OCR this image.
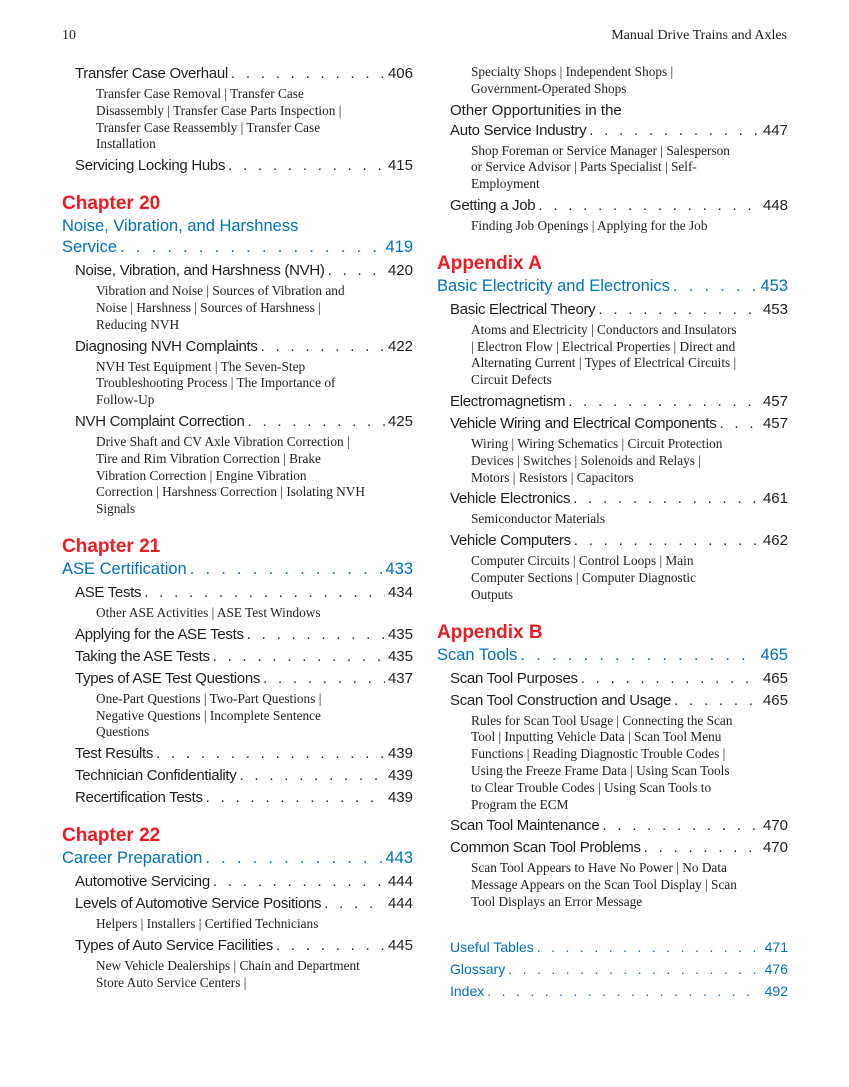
10	Manual Drive Trains and Axles
Transfer Case Overhaul . . .	406
Transfer Case Removal | Transfer Case Disassembly | Transfer Case Parts Inspection | Transfer Case Reassembly | Transfer Case Installation
Servicing Locking Hubs . . .	415
Chapter 20
Noise, Vibration, and Harshness
Service . . .	419
Noise, Vibration, and Harshness (NVH) . . .	420
Vibration and Noise | Sources of Vibration and Noise | Harshness | Sources of Harshness | Reducing NVH
Diagnosing NVH Complaints . . .	422
NVH Test Equipment | The Seven-Step Troubleshooting Process | The Importance of Follow-Up
NVH Complaint Correction . . .	425
Drive Shaft and CV Axle Vibration Correction | Tire and Rim Vibration Correction | Brake Vibration Correction | Engine Vibration Correction | Harshness Correction | Isolating NVH Signals
Chapter 21
ASE Certification . . .	433
ASE Tests . . .	434
Other ASE Activities | ASE Test Windows
Applying for the ASE Tests . . .	435
Taking the ASE Tests . . .	435
Types of ASE Test Questions . . .	437
One-Part Questions | Two-Part Questions | Negative Questions | Incomplete Sentence Questions
Test Results . . .	439
Technician Confidentiality . . .	439
Recertification Tests . . .	439
Chapter 22
Career Preparation . . .	443
Automotive Servicing . . .	444
Levels of Automotive Service Positions . . .	444
Helpers | Installers | Certified Technicians
Types of Auto Service Facilities . . .	445
New Vehicle Dealerships | Chain and Department Store Auto Service Centers |
Specialty Shops | Independent Shops | Government-Operated Shops
Other Opportunities in the
Auto Service Industry . . .	447
Shop Foreman or Service Manager | Salesperson or Service Advisor | Parts Specialist | Self-Employment
Getting a Job . . .	448
Finding Job Openings | Applying for the Job
Appendix A
Basic Electricity and Electronics . . .	453
Basic Electrical Theory . . .	453
Atoms and Electricity | Conductors and Insulators | Electron Flow | Electrical Properties | Direct and Alternating Current | Types of Electrical Circuits | Circuit Defects
Electromagnetism . . .	457
Vehicle Wiring and Electrical Components . . .	457
Wiring | Wiring Schematics | Circuit Protection Devices | Switches | Solenoids and Relays | Motors | Resistors | Capacitors
Vehicle Electronics . . .	461
Semiconductor Materials
Vehicle Computers . . .	462
Computer Circuits | Control Loops | Main Computer Sections | Computer Diagnostic Outputs
Appendix B
Scan Tools . . .	465
Scan Tool Purposes . . .	465
Scan Tool Construction and Usage . . .	465
Rules for Scan Tool Usage | Connecting the Scan Tool | Inputting Vehicle Data | Scan Tool Menu Functions | Reading Diagnostic Trouble Codes | Using the Freeze Frame Data | Using Scan Tools to Clear Trouble Codes | Using Scan Tools to Program the ECM
Scan Tool Maintenance . . .	470
Common Scan Tool Problems . . .	470
Scan Tool Appears to Have No Power | No Data Message Appears on the Scan Tool Display | Scan Tool Displays an Error Message
Useful Tables . . .	471
Glossary . . .	476
Index . . .	492
